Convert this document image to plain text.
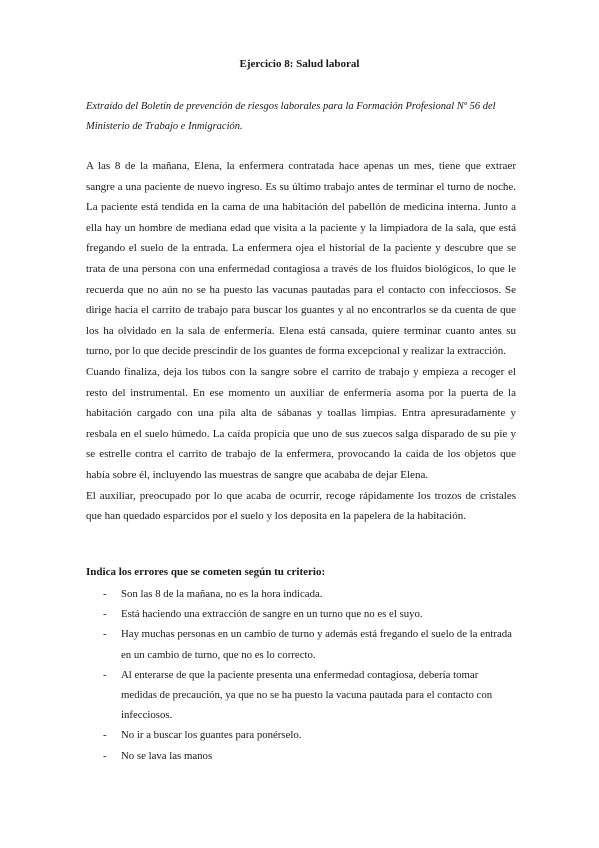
Ejercicio 8: Salud laboral
Extraído del Boletín de prevención de riesgos laborales para la Formación Profesional Nº 56 del Ministerio de Trabajo e Inmigración.

A las 8 de la mañana, Elena, la enfermera contratada hace apenas un mes, tiene que extraer sangre a una paciente de nuevo ingreso. Es su último trabajo antes de terminar el turno de noche. La paciente está tendida en la cama de una habitación del pabellón de medicina interna. Junto a ella hay un hombre de mediana edad que visita a la paciente y la limpiadora de la sala, que está fregando el suelo de la entrada. La enfermera ojea el historial de la paciente y descubre que se trata de una persona con una enfermedad contagiosa a través de los fluidos biológicos, lo que le recuerda que no aún no se ha puesto las vacunas pautadas para el contacto con infecciosos. Se dirige hacia el carrito de trabajo para buscar los guantes y al no encontrarlos se da cuenta de que los ha olvidado en la sala de enfermería. Elena está cansada, quiere terminar cuanto antes su turno, por lo que decide prescindir de los guantes de forma excepcional y realizar la extracción.

Cuando finaliza, deja los tubos con la sangre sobre el carrito de trabajo y empieza a recoger el resto del instrumental. En ese momento un auxiliar de enfermería asoma por la puerta de la habitación cargado con una pila alta de sábanas y toallas limpias. Entra apresuradamente y resbala en el suelo húmedo. La caída propicia que uno de sus zuecos salga disparado de su pie y se estrelle contra el carrito de trabajo de la enfermera, provocando la caída de los objetos que había sobre él, incluyendo las muestras de sangre que acababa de dejar Elena.

El auxiliar, preocupado por lo que acaba de ocurrir, recoge rápidamente los trozos de cristales que han quedado esparcidos por el suelo y los deposita en la papelera de la habitación.

Indica los errores que se cometen según tu criterio:
- Son las 8 de la mañana, no es la hora indicada.
- Está haciendo una extracción de sangre en un turno que no es el suyo.
- Hay muchas personas en un cambio de turno y además está fregando el suelo de la entrada en un cambio de turno, que no es lo correcto.
- Al enterarse de que la paciente presenta una enfermedad contagiosa, debería tomar medidas de precaución, ya que no se ha puesto la vacuna pautada para el contacto con infecciosos.
- No ir a buscar los guantes para ponérselo.
- No se lava las manos
